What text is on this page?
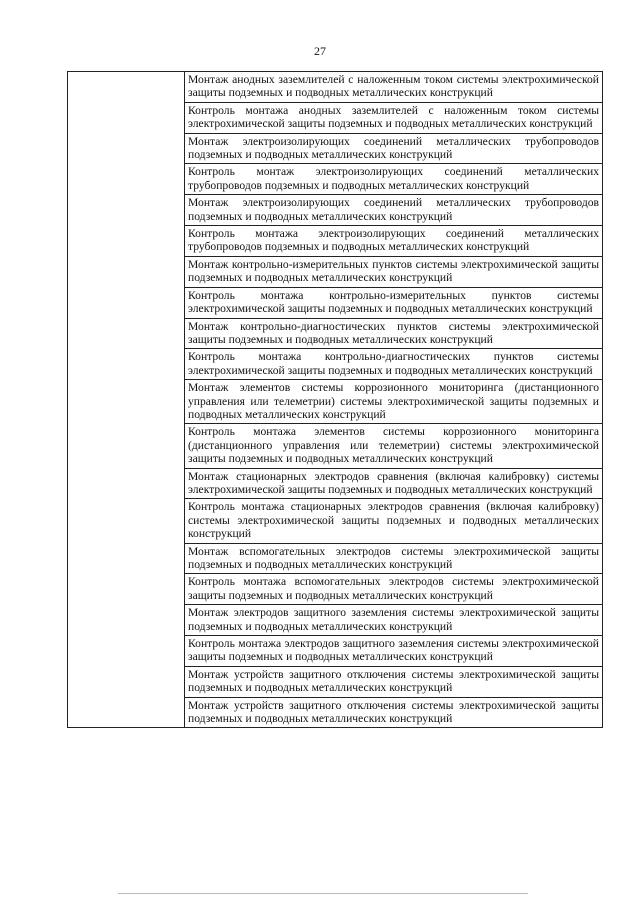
27
	Монтаж анодных заземлителей с наложенным током системы электрохимической защиты подземных и подводных металлических конструкций
Контроль монтажа анодных заземлителей с наложенным током системы электрохимической защиты подземных и подводных металлических конструкций
Монтаж электроизолирующих соединений металлических трубопроводов подземных и подводных металлических конструкций
Контроль монтаж электроизолирующих соединений металлических трубопроводов подземных и подводных металлических конструкций
Монтаж электроизолирующих соединений металлических трубопроводов подземных и подводных металлических конструкций
Контроль монтажа электроизолирующих соединений металлических трубопроводов подземных и подводных металлических конструкций
Монтаж контрольно-измерительных пунктов системы электрохимической защиты подземных и подводных металлических конструкций
Контроль монтажа контрольно-измерительных пунктов системы электрохимической защиты подземных и подводных металлических конструкций
Монтаж контрольно-диагностических пунктов системы электрохимической защиты подземных и подводных металлических конструкций
Контроль монтажа контрольно-диагностических пунктов системы электрохимической защиты подземных и подводных металлических конструкций
Монтаж элементов системы коррозионного мониторинга (дистанционного управления или телеметрии) системы электрохимической защиты подземных и подводных металлических конструкций
Контроль монтажа элементов системы коррозионного мониторинга (дистанционного управления или телеметрии) системы электрохимической защиты подземных и подводных металлических конструкций
Монтаж стационарных электродов сравнения (включая калибровку) системы электрохимической защиты подземных и подводных металлических конструкций
Контроль монтажа стационарных электродов сравнения (включая калибровку) системы электрохимической защиты подземных и подводных металлических конструкций
Монтаж вспомогательных электродов системы электрохимической защиты подземных и подводных металлических конструкций
Контроль монтажа вспомогательных электродов системы электрохимической защиты подземных и подводных металлических конструкций
Монтаж электродов защитного заземления системы электрохимической защиты подземных и подводных металлических конструкций
Контроль монтажа электродов защитного заземления системы электрохимической защиты подземных и подводных металлических конструкций
Монтаж устройств защитного отключения системы электрохимической защиты подземных и подводных металлических конструкций
Монтаж устройств защитного отключения системы электрохимической защиты подземных и подводных металлических конструкций
